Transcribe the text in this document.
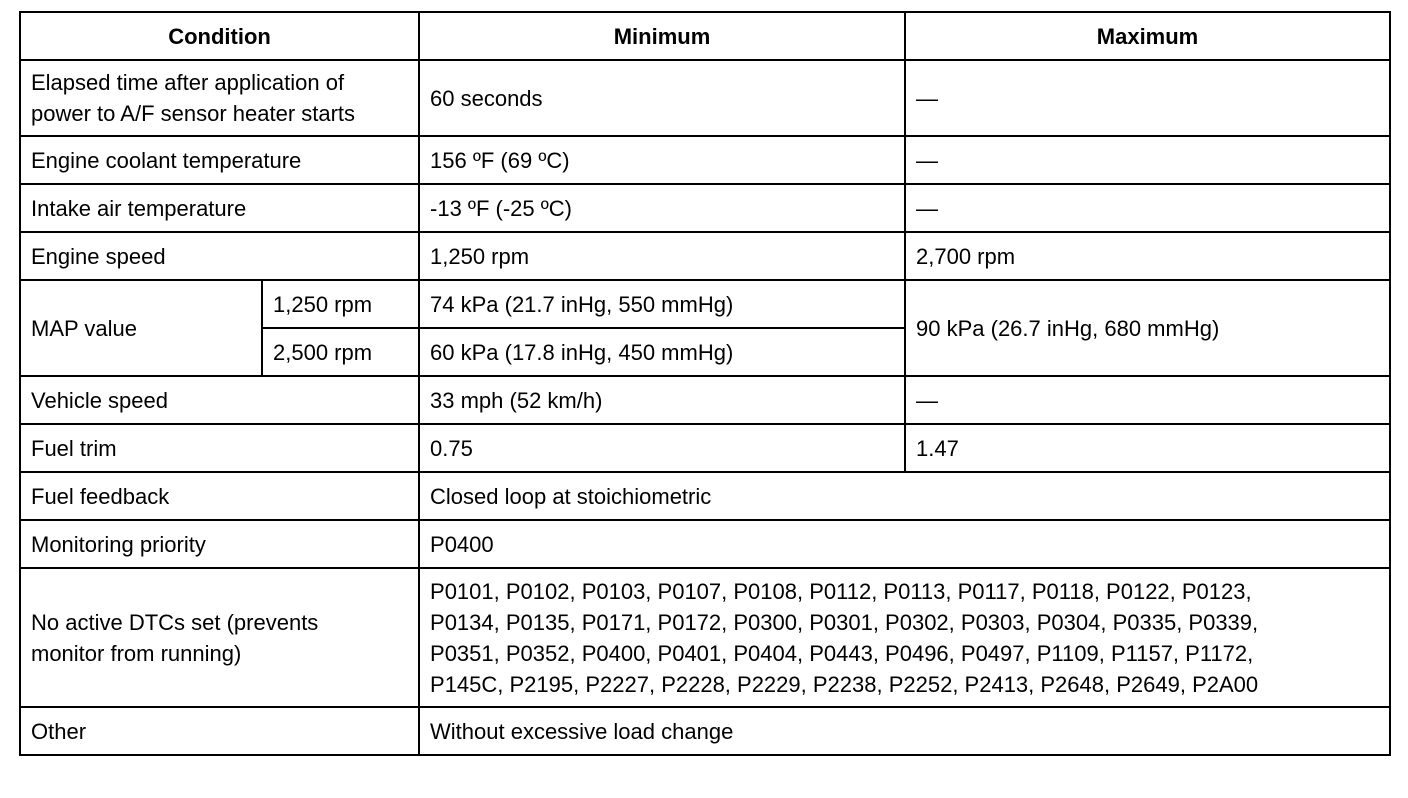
Condition		Minimum	Maximum
Elapsed time after application of
power to A/F sensor heater starts		60 seconds	—
Engine coolant temperature		156 ºF (69 ºC)	—
Intake air temperature		-13 ºF (-25 ºC)	—
Engine speed		1,250 rpm	2,700 rpm
MAP value	1,250 rpm	74 kPa (21.7 inHg, 550 mmHg)	90 kPa (26.7 inHg, 680 mmHg)
	2,500 rpm	60 kPa (17.8 inHg, 450 mmHg)	
Vehicle speed		33 mph (52 km/h)	—
Fuel trim		0.75	1.47
Fuel feedback		Closed loop at stoichiometric	
Monitoring priority		P0400	
No active DTCs set (prevents
monitor from running)		P0101, P0102, P0103, P0107, P0108, P0112, P0113, P0117, P0118, P0122, P0123,
P0134, P0135, P0171, P0172, P0300, P0301, P0302, P0303, P0304, P0335, P0339,
P0351, P0352, P0400, P0401, P0404, P0443, P0496, P0497, P1109, P1157, P1172,
P145C, P2195, P2227, P2228, P2229, P2238, P2252, P2413, P2648, P2649, P2A00	
Other		Without excessive load change	
